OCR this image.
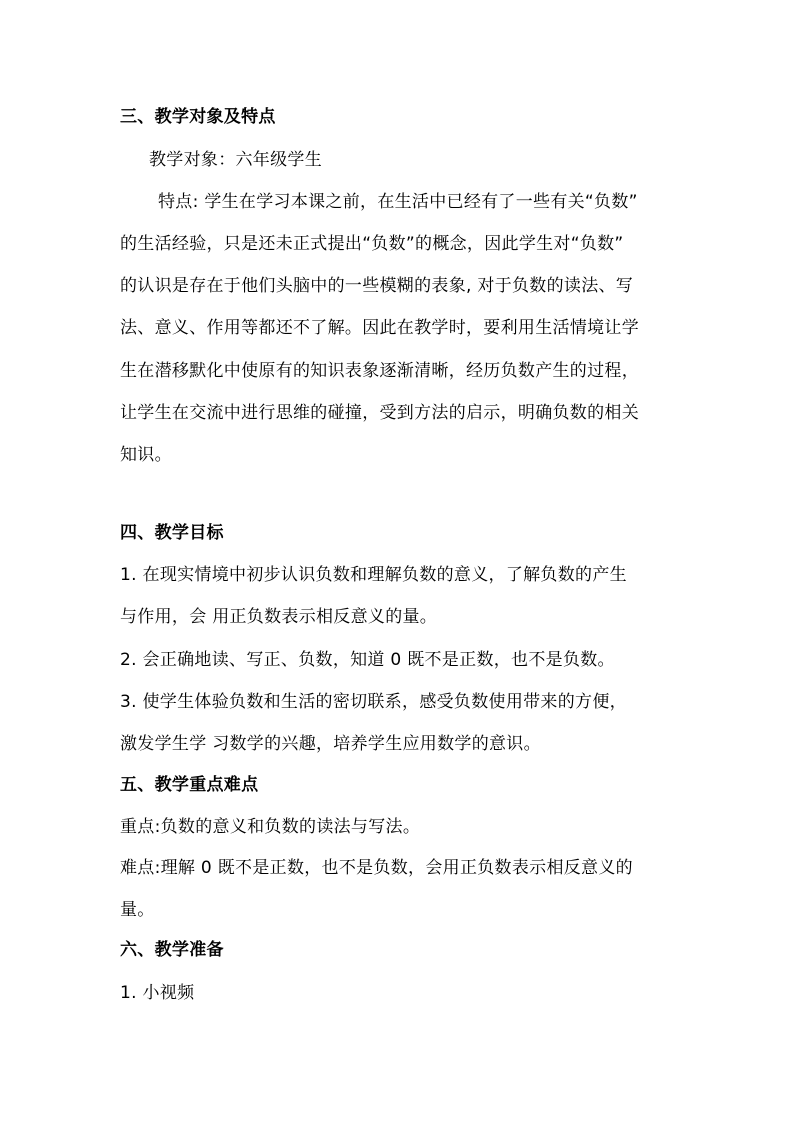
三、教学对象及特点
教学对象：六年级学生
特点: 学生在学习本课之前，在生活中已经有了一些有关“负数”
的生活经验，只是还未正式提出“负数”的概念，因此学生对“负数”
的认识是存在于他们头脑中的一些模糊的表象, 对于负数的读法、写
法、意义、作用等都还不了解。因此在教学时，要利用生活情境让学
生在潜移默化中使原有的知识表象逐渐清晰，经历负数产生的过程，
让学生在交流中进行思维的碰撞，受到方法的启示，明确负数的相关
知识。
四、教学目标
1. 在现实情境中初步认识负数和理解负数的意义，了解负数的产生
与作用，会 用正负数表示相反意义的量。
2. 会正确地读、写正、负数，知道 0 既不是正数，也不是负数。
3. 使学生体验负数和生活的密切联系，感受负数使用带来的方便，
激发学生学 习数学的兴趣，培养学生应用数学的意识。
五、教学重点难点
重点:负数的意义和负数的读法与写法。
难点:理解 0 既不是正数，也不是负数，会用正负数表示相反意义的
量。
六、教学准备
1. 小视频
